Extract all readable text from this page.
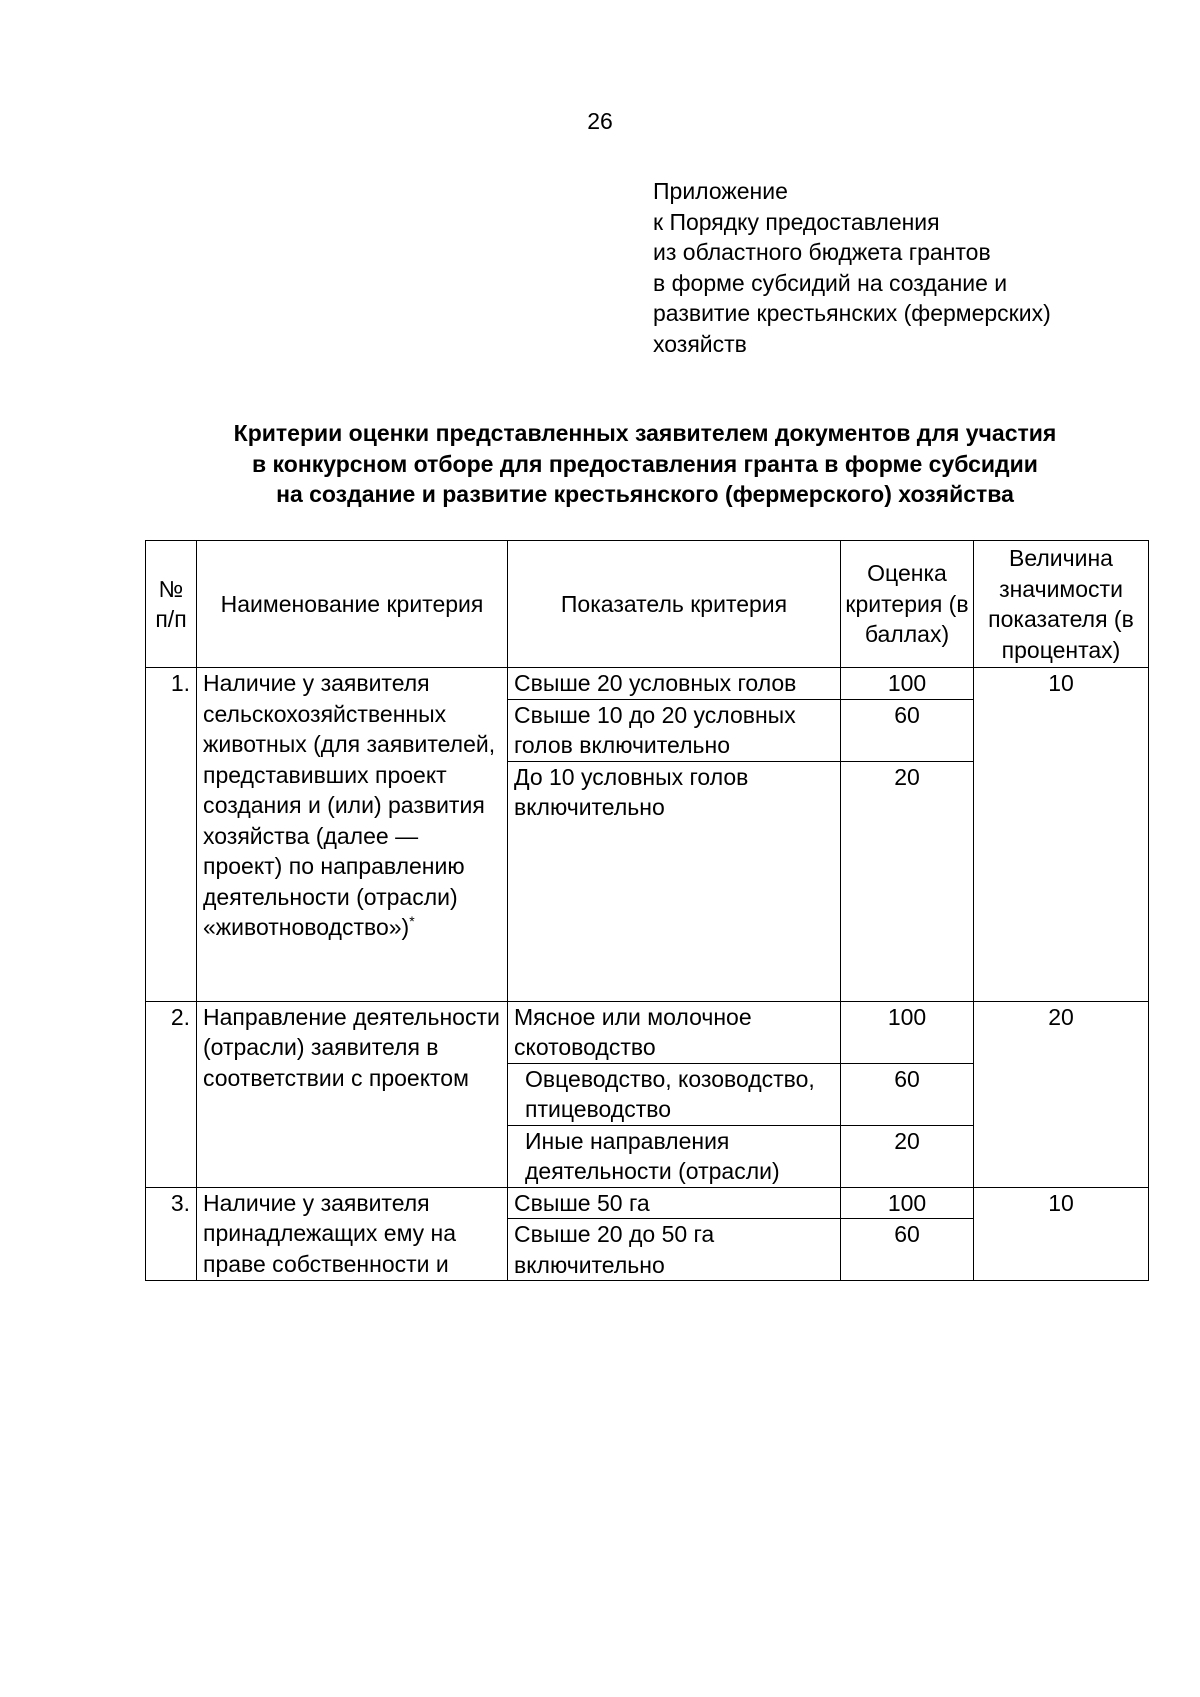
26
Приложение
к Порядку предоставления
из областного бюджета грантов
в форме субсидий на создание и
развитие крестьянских (фермерских)
хозяйств
Критерии оценки представленных заявителем документов для участия
в конкурсном отборе для предоставления гранта в форме субсидии
на создание и развитие крестьянского (фермерского) хозяйства
№ п/п	Наименование критерия	Показатель критерия	Оценка критерия (в баллах)	Величина значимости показателя (в процентах)
1.	Наличие у заявителя сельскохозяйственных животных (для заявителей, представивших проект создания и (или) развития хозяйства (далее — проект) по направлению деятельности (отрасли) «животноводство»)*	Свыше 20 условных голов	100	10
		Свыше 10 до 20 условных голов включительно	60	
		До 10 условных голов включительно	20	
2.	Направление деятельности (отрасли) заявителя в соответствии с проектом	Мясное или молочное скотоводство	100	20
		Овцеводство, козоводство, птицеводство	60	
		Иные направления деятельности (отрасли)	20	
3.	Наличие у заявителя принадлежащих ему на праве собственности и	Свыше 50 га	100	10
		Свыше 20 до 50 га включительно	60	
